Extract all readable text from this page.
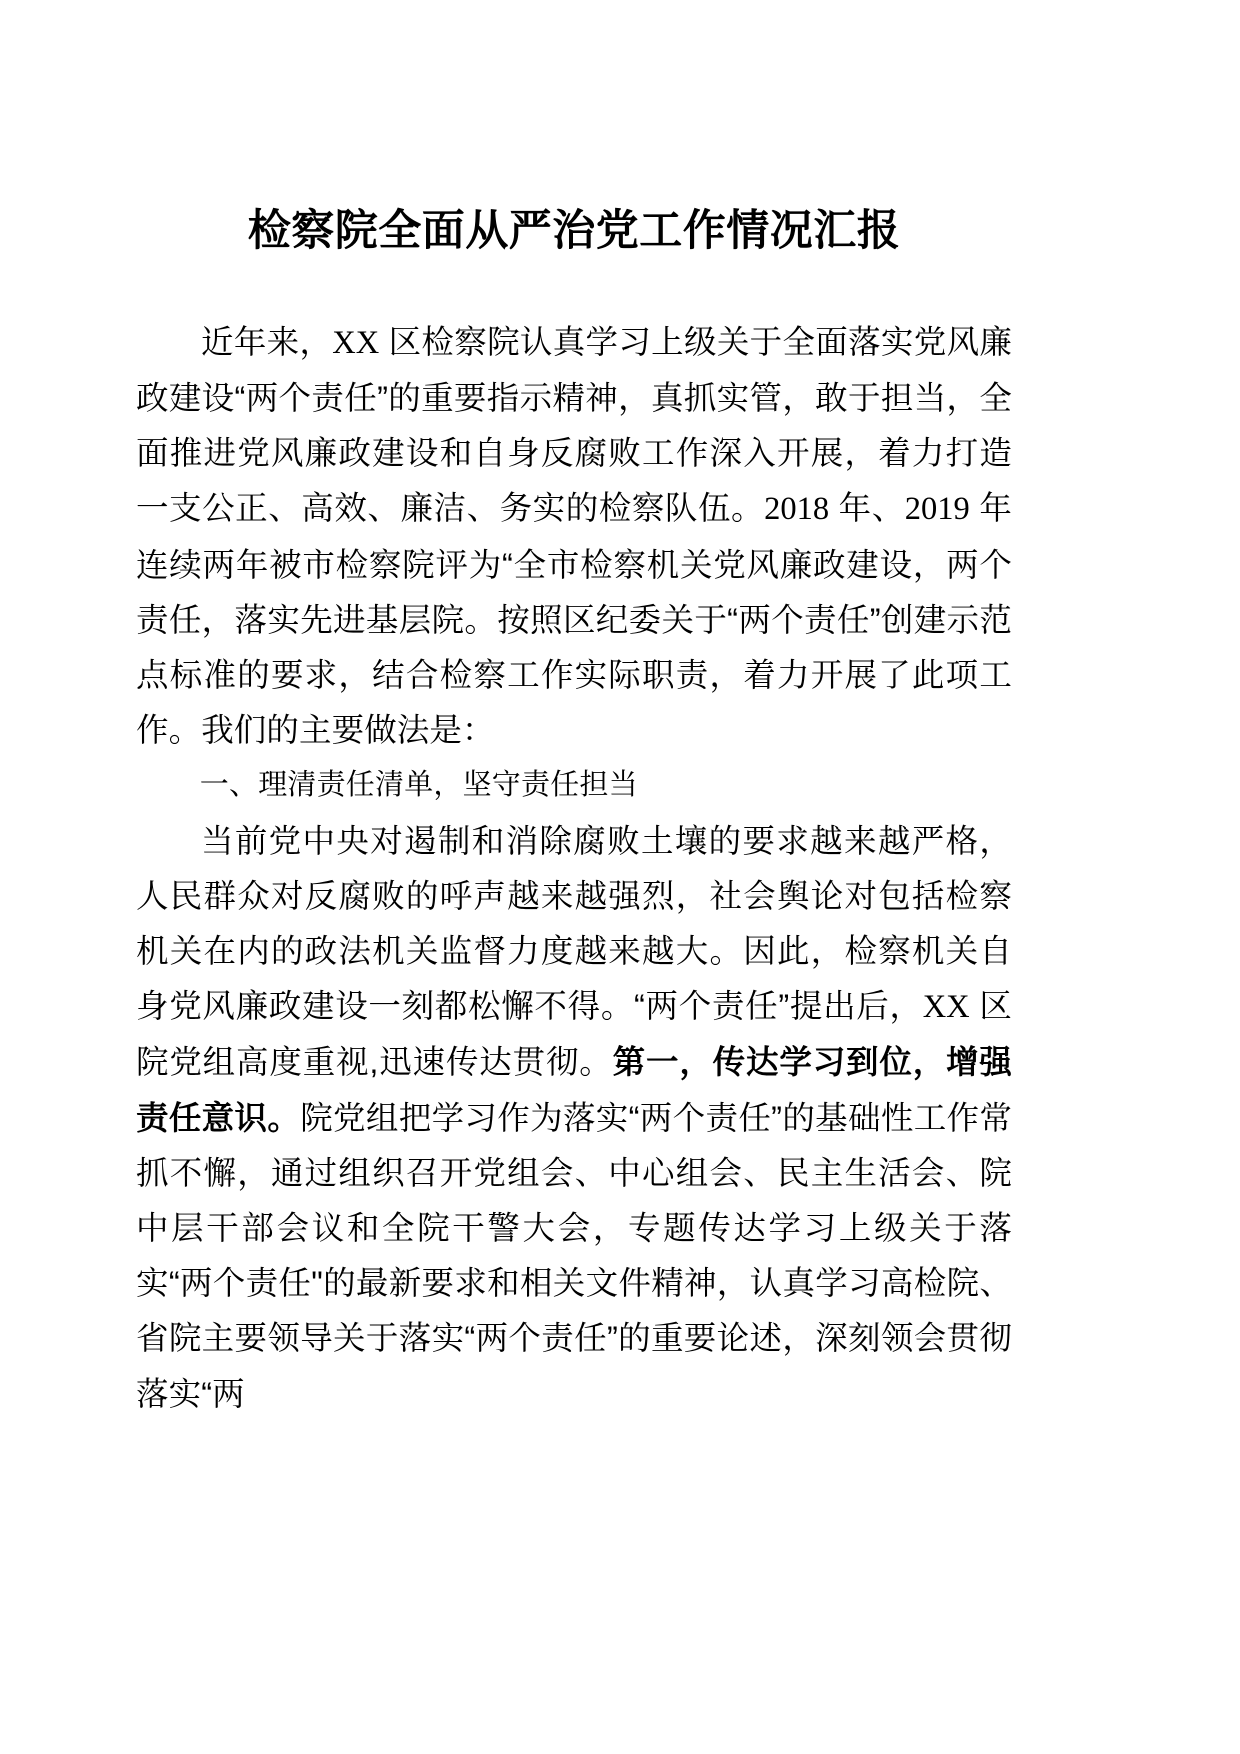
检察院全面从严治党工作情况汇报

近年来，XX 区检察院认真学习上级关于全面落实党风廉政建设“两个责任”的重要指示精神，真抓实管，敢于担当，全面推进党风廉政建设和自身反腐败工作深入开展，着力打造一支公正、高效、廉洁、务实的检察队伍。2018 年、2019 年连续两年被市检察院评为“全市检察机关党风廉政建设，两个责任，落实先进基层院。按照区纪委关于“两个责任”创建示范点标准的要求，结合检察工作实际职责，着力开展了此项工作。我们的主要做法是：

一、理清责任清单，坚守责任担当

当前党中央对遏制和消除腐败土壤的要求越来越严格，人民群众对反腐败的呼声越来越强烈，社会舆论对包括检察机关在内的政法机关监督力度越来越大。因此，检察机关自身党风廉政建设一刻都松懈不得。“两个责任”提出后，XX 区院党组高度重视,迅速传达贯彻。第一，传达学习到位，增强责任意识。院党组把学习作为落实“两个责任”的基础性工作常抓不懈，通过组织召开党组会、中心组会、民主生活会、院中层干部会议和全院干警大会，专题传达学习上级关于落实“两个责任"的最新要求和相关文件精神，认真学习高检院、省院主要领导关于落实“两个责任”的重要论述，深刻领会贯彻落实“两
